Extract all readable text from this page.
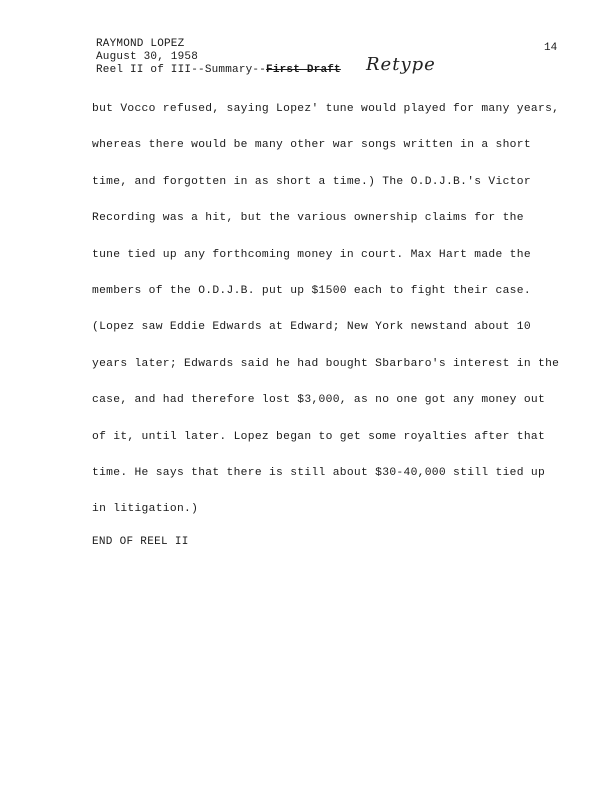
RAYMOND LOPEZ
August 30, 1958
Reel II of III--Summary--First Draft Retype
14
but Vocco refused, saying Lopez' tune would played for many years,
whereas there would be many other war songs written in a short
time, and forgotten in as short a time.) The O.D.J.B.'s Victor
Recording was a hit, but the various ownership claims for the
tune tied up any forthcoming money in court. Max Hart made the
members of the O.D.J.B. put up $1500 each to fight their case.
(Lopez saw Eddie Edwards at Edward; New York newstand about 10
years later; Edwards said he had bought Sbarbaro's interest in the
case, and had therefore lost $3,000, as no one got any money out
of it, until later. Lopez began to get some royalties after that
time. He says that there is still about $30-40,000 still tied up
in litigation.)
END OF REEL II
